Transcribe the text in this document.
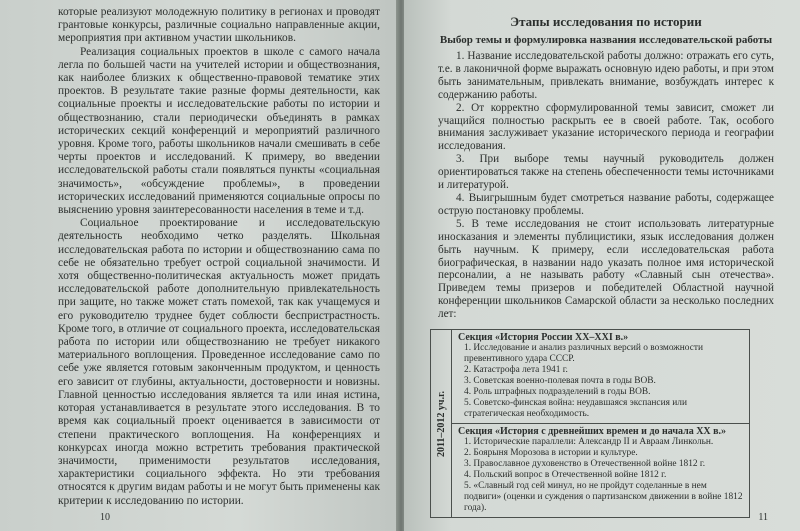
которые реализуют молодежную политику в регионах и проводят грантовые конкурсы, различные социально направленные акции, мероприятия при активном участии школьников.

Реализация социальных проектов в школе с самого начала легла по большей части на учителей истории и обществознания, как наиболее близких к общественно-правовой тематике этих проектов. В результате такие разные формы деятельности, как социальные проекты и исследовательские работы по истории и обществознанию, стали периодически объединять в рамках исторических секций конференций и мероприятий различного уровня. Кроме того, работы школьников начали смешивать в себе черты проектов и исследований. К примеру, во введении исследовательской работы стали появляться пункты «социальная значимость», «обсуждение проблемы», в проведении исторических исследований применяются социальные опросы по выяснению уровня заинтересованности населения в теме и т.д.

Социальное проектирование и исследовательскую деятельность необходимо четко разделять. Школьная исследовательская работа по истории и обществознанию сама по себе не обязательно требует острой социальной значимости. И хотя общественно-политическая актуальность может придать исследовательской работе дополнительную привлекательность при защите, но также может стать помехой, так как учащемуся и его руководителю труднее будет соблюсти беспристрастность. Кроме того, в отличие от социального проекта, исследовательская работа по истории или обществознанию не требует никакого материального воплощения. Проведенное исследование само по себе уже является готовым законченным продуктом, и ценность его зависит от глубины, актуальности, достоверности и новизны. Главной ценностью исследования является та или иная истина, которая устанавливается в результате этого исследования. В то время как социальный проект оценивается в зависимости от степени практического воплощения. На конференциях и конкурсах иногда можно встретить требования практической значимости, применимости результатов исследования, характеристики социального эффекта. Но эти требования относятся к другим видам работы и не могут быть применены как критерии к исследованию по истории.

10
Этапы исследования по истории
Выбор темы и формулировка названия исследовательской работы

1. Название исследовательской работы должно: отражать его суть, т.е. в лаконичной форме выражать основную идею работы, и при этом быть занимательным, привлекать внимание, возбуждать интерес к содержанию работы.

2. От корректно сформулированной темы зависит, сможет ли учащийся полностью раскрыть ее в своей работе. Так, особого внимания заслуживает указание исторического периода и географии исследования.

3. При выборе темы научный руководитель должен ориентироваться также на степень обеспеченности темы источниками и литературой.

4. Выигрышным будет смотреться название работы, содержащее острую постановку проблемы.

5. В теме исследования не стоит использовать литературные иносказания и элементы публицистики, язык исследования должен быть научным. К примеру, если исследовательская работа биографическая, в названии надо указать полное имя исторической персоналии, а не называть работу «Славный сын отечества». Приведем темы призеров и победителей Областной научной конференции школьников Самарской области за несколько последних лет:

2011–2012 уч.г.
Секция «История России XX–XXI в.»

1. Исследование и анализ различных версий о возможности превентивного удара СССР.

2. Катастрофа лета 1941 г.

3. Советская военно-полевая почта в годы ВОВ.

4. Роль штрафных подразделений в годы ВОВ.

5. Советско-финская война: неудавшаяся экспансия или стратегическая необходимость.

Секция «История с древнейших времен и до начала XX в.»

1. Исторические параллели: Александр II и Авраам Линкольн.

2. Боярыня Морозова в истории и культуре.

3. Православное духовенство в Отечественной войне 1812 г.

4. Польский вопрос в Отечественной войне 1812 г.

5. «Славный год сей минул, но не пройдут соделанные в нем подвиги» (оценки и суждения о партизанском движении в войне 1812 года).

11
